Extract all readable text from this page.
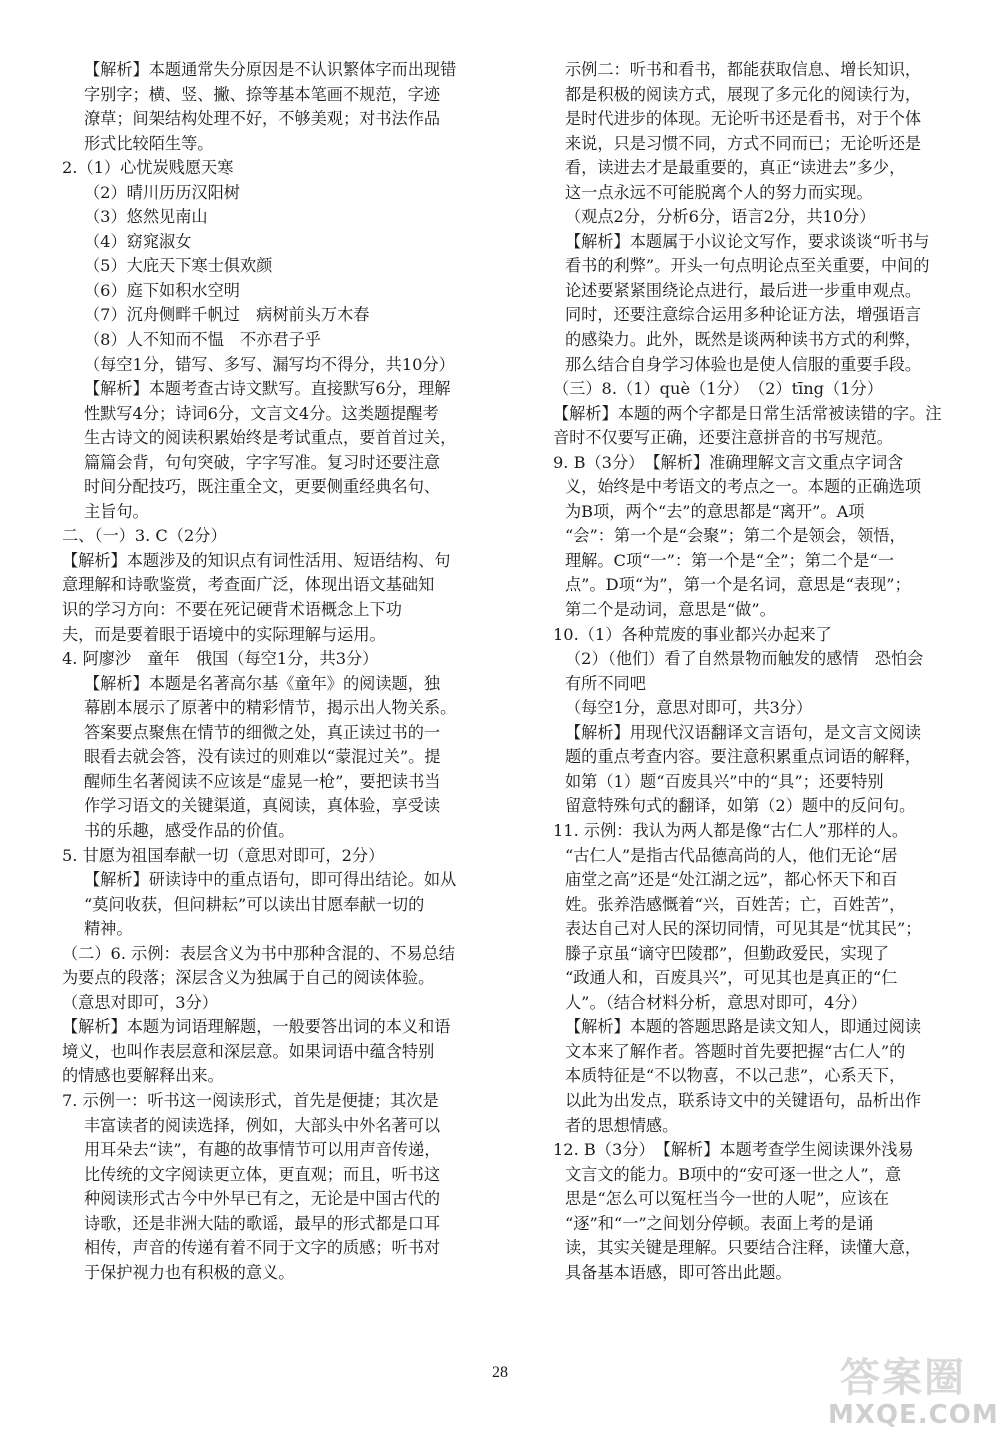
【解析】本题通常失分原因是不认识繁体字而出现错
字别字；横、竖、撇、捺等基本笔画不规范，字迹
潦草；间架结构处理不好，不够美观；对书法作品
形式比较陌生等。
2.（1）心忧炭贱愿天寒
（2）晴川历历汉阳树
（3）悠然见南山
（4）窈窕淑女
（5）大庇天下寒士俱欢颜
（6）庭下如积水空明
（7）沉舟侧畔千帆过　病树前头万木春
（8）人不知而不愠　不亦君子乎
（每空1分，错写、多写、漏写均不得分，共10分）
【解析】本题考查古诗文默写。直接默写6分，理解
性默写4分；诗词6分，文言文4分。这类题提醒考
生古诗文的阅读积累始终是考试重点，要首首过关，
篇篇会背，句句突破，字字写准。复习时还要注意
时间分配技巧，既注重全文，更要侧重经典名句、
主旨句。
二、（一）3. C（2分）
【解析】本题涉及的知识点有词性活用、短语结构、句
意理解和诗歌鉴赏，考查面广泛，体现出语文基础知
识的学习方向：不要在死记硬背术语概念上下功
夫，而是要着眼于语境中的实际理解与运用。
4. 阿廖沙　童年　俄国（每空1分，共3分）
【解析】本题是名著高尔基《童年》的阅读题，独
幕剧本展示了原著中的精彩情节，揭示出人物关系。
答案要点聚焦在情节的细微之处，真正读过书的一
眼看去就会答，没有读过的则难以“蒙混过关”。提
醒师生名著阅读不应该是“虚晃一枪”，要把读书当
作学习语文的关键渠道，真阅读，真体验，享受读
书的乐趣，感受作品的价值。
5. 甘愿为祖国奉献一切（意思对即可，2分）
【解析】研读诗中的重点语句，即可得出结论。如从
“莫问收获，但问耕耘”可以读出甘愿奉献一切的
精神。
（二）6. 示例：表层含义为书中那种含混的、不易总结
为要点的段落；深层含义为独属于自己的阅读体验。
（意思对即可，3分）
【解析】本题为词语理解题，一般要答出词的本义和语
境义，也叫作表层意和深层意。如果词语中蕴含特别
的情感也要解释出来。
7. 示例一：听书这一阅读形式，首先是便捷；其次是
丰富读者的阅读选择，例如，大部头中外名著可以
用耳朵去“读”，有趣的故事情节可以用声音传递，
比传统的文字阅读更立体，更直观；而且，听书这
种阅读形式古今中外早已有之，无论是中国古代的
诗歌，还是非洲大陆的歌谣，最早的形式都是口耳
相传，声音的传递有着不同于文字的质感；听书对
于保护视力也有积极的意义。
示例二：听书和看书，都能获取信息、增长知识，
都是积极的阅读方式，展现了多元化的阅读行为，
是时代进步的体现。无论听书还是看书，对于个体
来说，只是习惯不同，方式不同而已；无论听还是
看，读进去才是最重要的，真正“读进去”多少，
这一点永远不可能脱离个人的努力而实现。
（观点2分，分析6分，语言2分，共10分）
【解析】本题属于小议论文写作，要求谈谈“听书与
看书的利弊”。开头一句点明论点至关重要，中间的
论述要紧紧围绕论点进行，最后进一步重申观点。
同时，还要注意综合运用多种论证方法，增强语言
的感染力。此外，既然是谈两种读书方式的利弊，
那么结合自身学习体验也是使人信服的重要手段。
（三）8.（1）què（1分）　（2）tīng（1分）
【解析】本题的两个字都是日常生活常被读错的字。注
音时不仅要写正确，还要注意拼音的书写规范。
9. B（3分）　【解析】准确理解文言文重点字词含
义，始终是中考语文的考点之一。本题的正确选项
为B项，两个“去”的意思都是“离开”。A项
“会”：第一个是“会聚”；第二个是领会，领悟，
理解。C项“一”：第一个是“全”；第二个是“一
点”。D项“为”，第一个是名词，意思是“表现”；
第二个是动词，意思是“做”。
10.（1）各种荒废的事业都兴办起来了
（2）（他们）看了自然景物而触发的感情　恐怕会
有所不同吧
（每空1分，意思对即可，共3分）
【解析】用现代汉语翻译文言语句，是文言文阅读
题的重点考查内容。要注意积累重点词语的解释，
如第（1）题“百废具兴”中的“具”；还要特别
留意特殊句式的翻译，如第（2）题中的反问句。
11. 示例：我认为两人都是像“古仁人”那样的人。
“古仁人”是指古代品德高尚的人，他们无论“居
庙堂之高”还是“处江湖之远”，都心怀天下和百
姓。张养浩感慨着“兴，百姓苦；亡，百姓苦”，
表达自己对人民的深切同情，可见其是“忧其民”；
滕子京虽“谪守巴陵郡”，但勤政爱民，实现了
“政通人和，百废具兴”，可见其也是真正的“仁
人”。（结合材料分析，意思对即可，4分）
【解析】本题的答题思路是读文知人，即通过阅读
文本来了解作者。答题时首先要把握“古仁人”的
本质特征是“不以物喜，不以己悲”，心系天下，
以此为出发点，联系诗文中的关键语句，品析出作
者的思想情感。
12. B（3分）　【解析】本题考查学生阅读课外浅易
文言文的能力。B项中的“安可逐一世之人”，意
思是“怎么可以冤枉当今一世的人呢”，应该在
“逐”和“一”之间划分停顿。表面上考的是诵
读，其实关键是理解。只要结合注释，读懂大意，
具备基本语感，即可答出此题。
28	答案圈
MXQE.COM
